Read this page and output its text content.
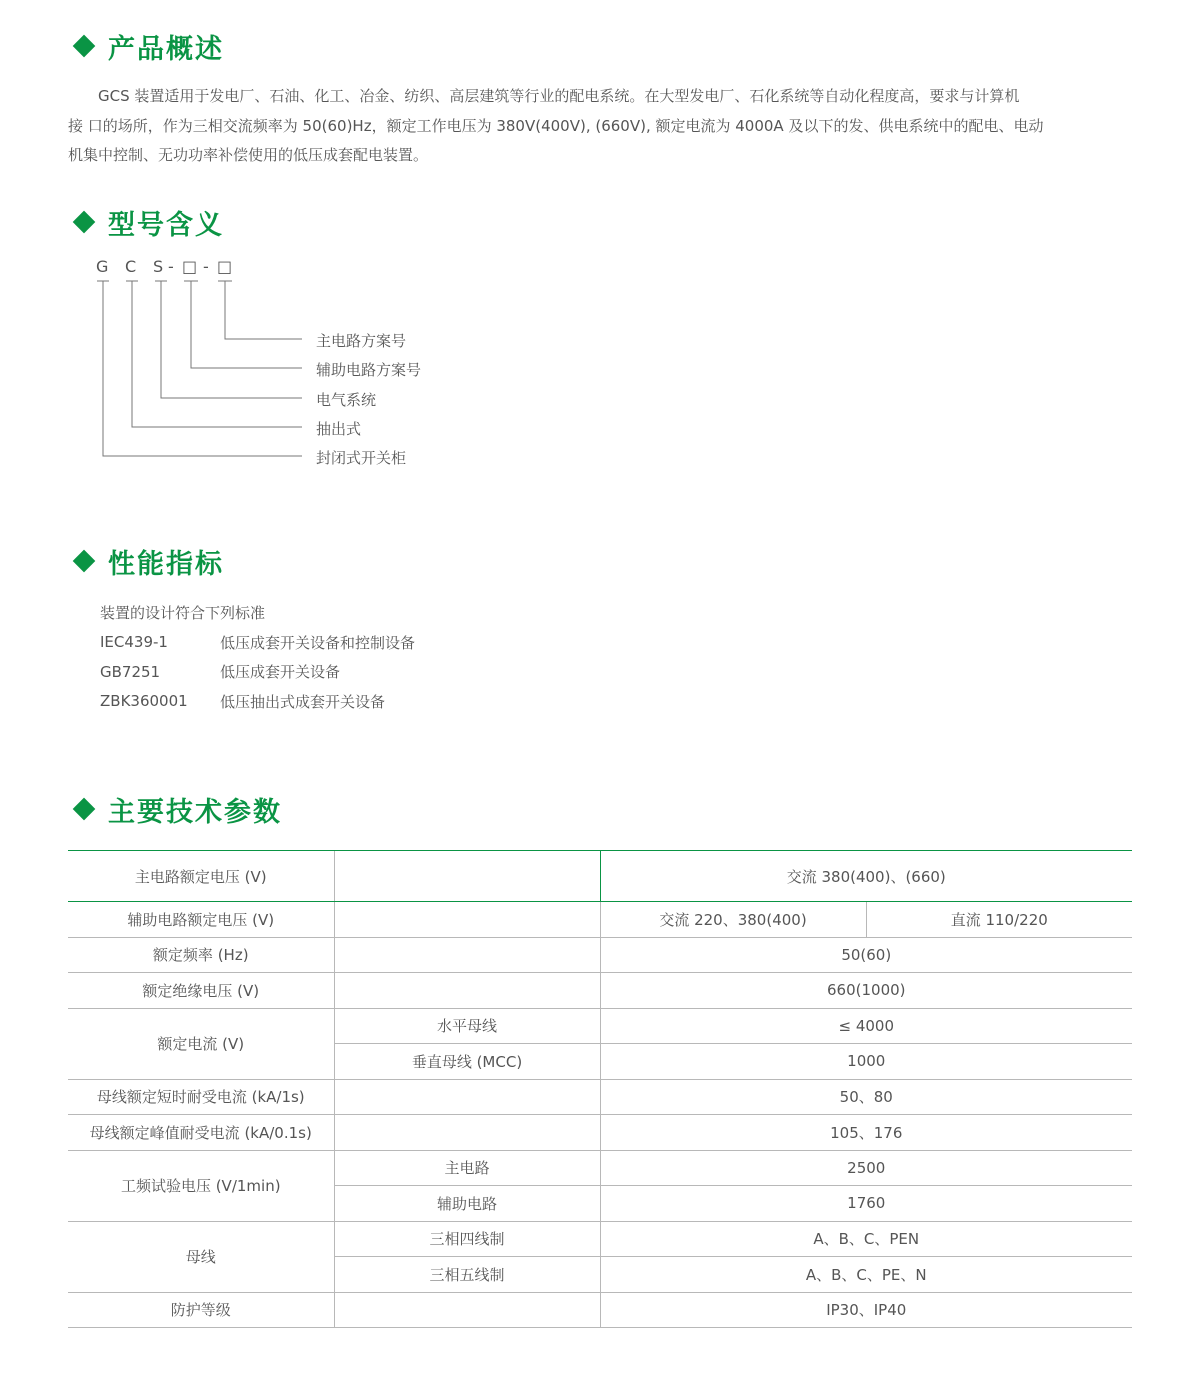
产品概述

GCS 装置适用于发电厂、石油、化工、冶金、纺织、高层建筑等行业的配电系统。在大型发电厂、石化系统等自动化程度高，要求与计算机

接 口的场所，作为三相交流频率为 50(60)Hz，额定工作电压为 380V(400V), (660V), 额定电流为 4000A 及以下的发、供电系统中的配电、电动
机集中控制、无功功率补偿使用的低压成套配电装置。
型号含义
G C S - □ - □
主电路方案号
辅助电路方案号
电气系统
抽出式
封闭式开关柜
性能指标
装置的设计符合下列标准
IEC439-1	低压成套开关设备和控制设备
GB7251	低压成套开关设备
ZBK360001	低压抽出式成套开关设备
主要技术参数
主电路额定电压 (V)		交流 380(400)、(660)	
辅助电路额定电压 (V)		交流 220、380(400)	直流 110/220
额定频率 (Hz)		50(60)	
额定绝缘电压 (V)		660(1000)	
额定电流 (V)	水平母线	≤ 4000	
	垂直母线 (MCC)	1000	
母线额定短时耐受电流 (kA/1s)		50、80	
母线额定峰值耐受电流 (kA/0.1s)		105、176	
工频试验电压 (V/1min)	主电路	2500	
	辅助电路	1760	
母线	三相四线制	A、B、C、PEN	
	三相五线制	A、B、C、PE、N	
防护等级		IP30、IP40	
